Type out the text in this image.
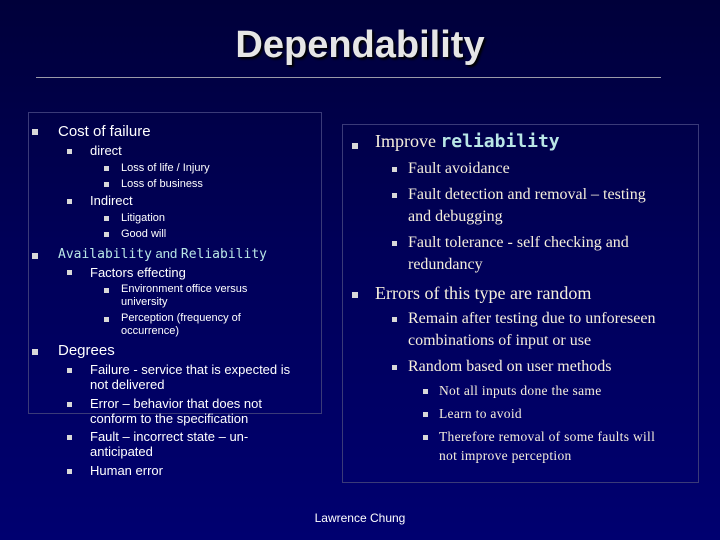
Dependability
Cost of failure
direct
Loss of life / Injury
Loss of business
Indirect
Litigation
Good will
Availability and Reliability
Factors effecting
Environment office versus
university
Perception (frequency of
occurrence)
Degrees
Failure - service that is expected is
not delivered
Error – behavior that does not
conform to the specification
Fault – incorrect state – un-
anticipated
Human error
Improve reliability
Fault avoidance
Fault detection and removal – testing
and debugging
Fault tolerance - self checking and
redundancy
Errors of this type are random
Remain after testing due to unforeseen
combinations of input or use
Random based on user methods
Not all inputs done the same
Learn to avoid
Therefore removal of some faults will
not improve perception
Lawrence Chung
